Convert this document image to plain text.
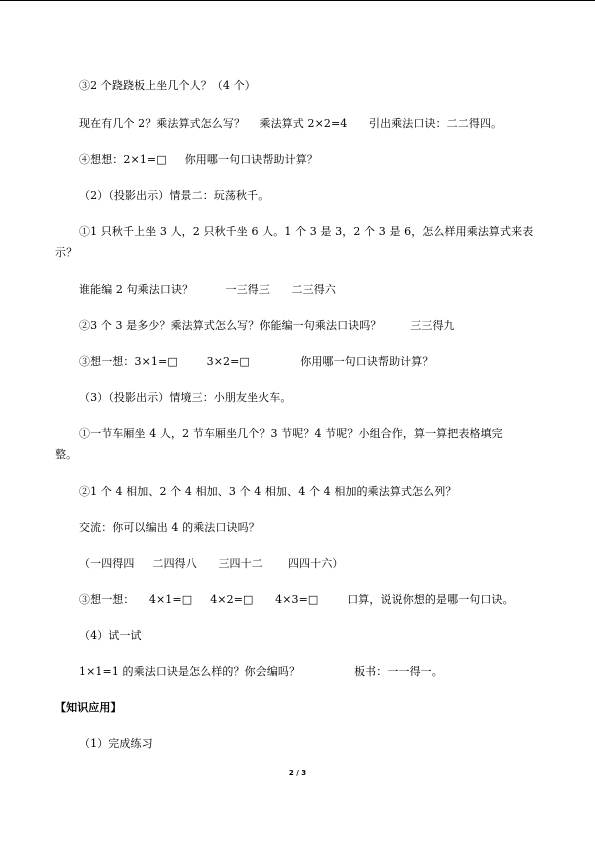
③2 个跷跷板上坐几个人？（4 个）
现在有几个 2？乘法算式怎么写？    乘法算式 2×2=4      引出乘法口诀：二二得四。
④想想：2×1=□     你用哪一句口诀帮助计算？
（2）（投影出示）情景二：玩荡秋千。
①1 只秋千上坐 3 人，2 只秋千坐 6 人。1 个 3 是 3，2 个 3 是 6，怎么样用乘法算式来表
示？
谁能编 2 句乘法口诀？         一三得三      二三得六
②3 个 3 是多少？乘法算式怎么写？你能编一句乘法口诀吗？        三三得九
③想一想：3×1=□        3×2=□              你用哪一句口诀帮助计算？
（3）（投影出示）情境三：小朋友坐火车。
①一节车厢坐 4 人，2 节车厢坐几个？3 节呢？4 节呢？小组合作，算一算把表格填完
整。
②1 个 4 相加、2 个 4 相加、3 个 4 相加、4 个 4 相加的乘法算式怎么列？
交流：你可以编出 4 的乘法口诀吗？
（一四得四     二四得八      三四十二       四四十六）
③想一想：    4×1=□     4×2=□      4×3=□        口算，说说你想的是哪一句口诀。
（4）试一试
1×1=1 的乘法口诀是怎么样的？你会编吗？               板书：一一得一。
【知识应用】
（1）完成练习
2 / 3
